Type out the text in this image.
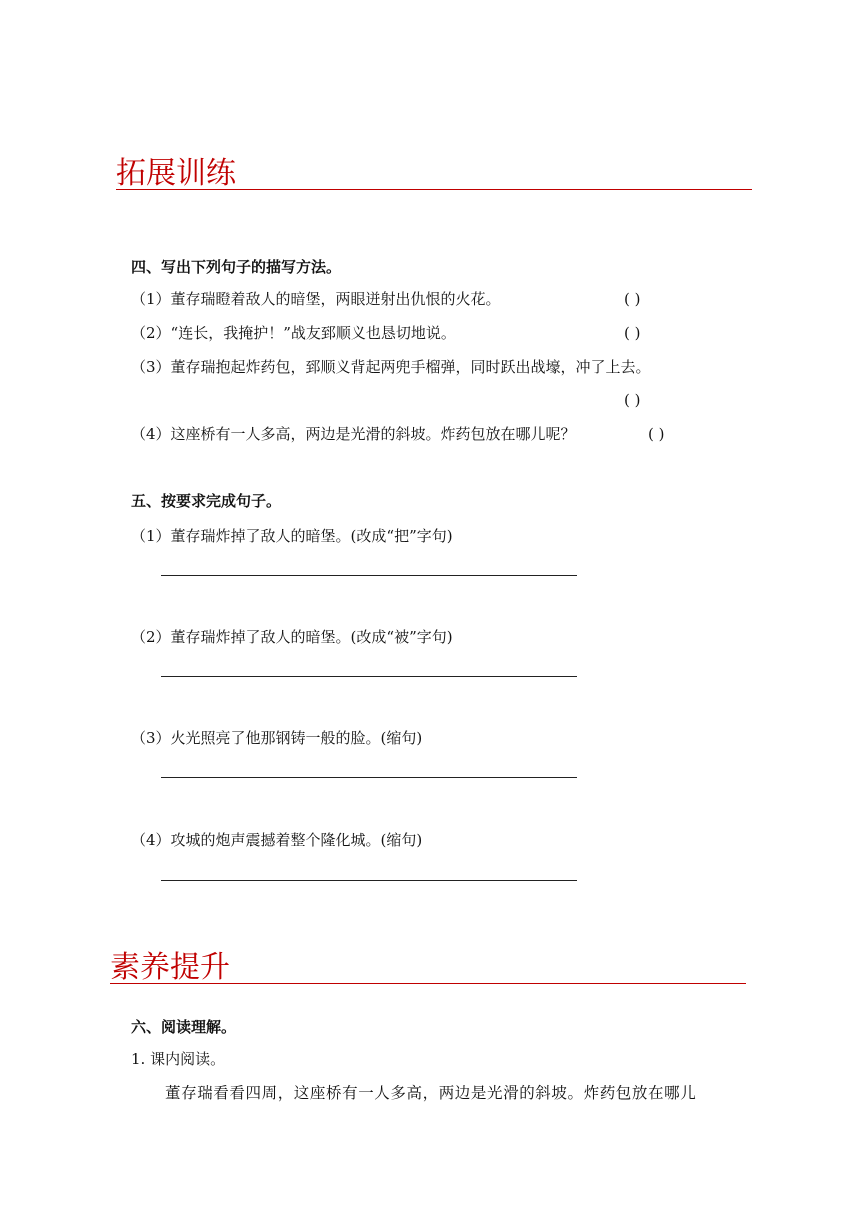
拓展训练
四、写出下列句子的描写方法。
（1）董存瑞瞪着敌人的暗堡，两眼迸射出仇恨的火花。	( )
（2）“连长，我掩护！”战友郅顺义也恳切地说。	( )
（3）董存瑞抱起炸药包，郅顺义背起两兜手榴弹，同时跃出战壕，冲了上去。
( )
（4）这座桥有一人多高，两边是光滑的斜坡。炸药包放在哪儿呢？	( )
五、按要求完成句子。
（1）董存瑞炸掉了敌人的暗堡。(改成“把”字句)
（2）董存瑞炸掉了敌人的暗堡。(改成“被”字句)
（3）火光照亮了他那钢铸一般的脸。(缩句)
（4）攻城的炮声震撼着整个隆化城。(缩句)
素养提升
六、阅读理解。
1. 课内阅读。
董存瑞看看四周，这座桥有一人多高，两边是光滑的斜坡。炸药包放在哪儿
